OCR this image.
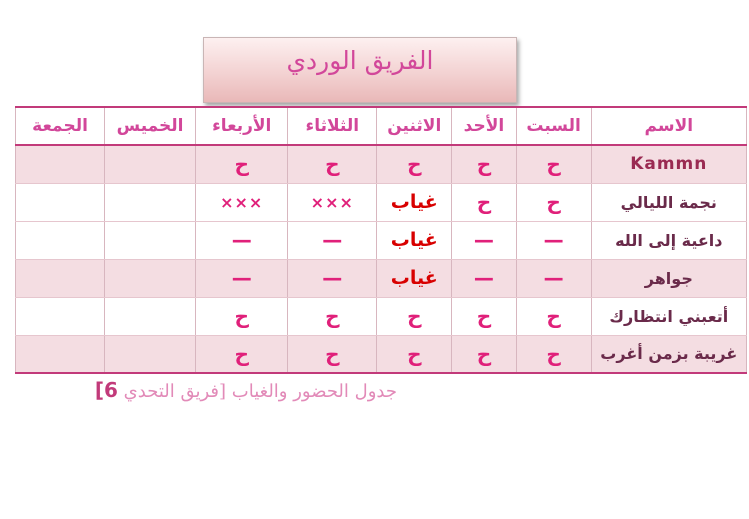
الفريق الوردي
الاسم	السبت	الأحد	الاثنين	الثلاثاء	الأربعاء	الخميس	الجمعة
Kammn	ح	ح	ح	ح	ح		
نجمة الليالي	ح	ح	غياب	×××	×××		
داعية إلى الله	—	—	غياب	—	—		
جواهر	—	—	غياب	—	—		
أتعبني انتظارك	ح	ح	ح	ح	ح		
غريبة بزمن أغرب	ح	ح	ح	ح	ح		
جدول الحضور والغياب [فريق التحدي 6]
